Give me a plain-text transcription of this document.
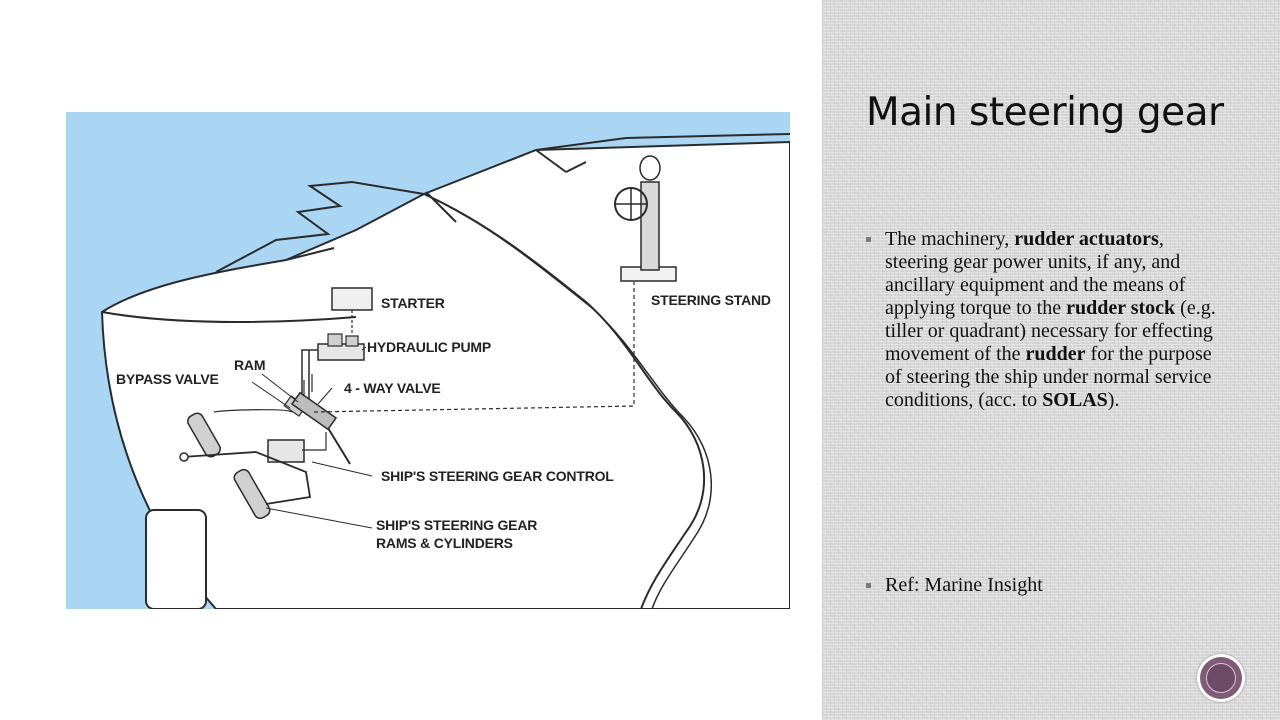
STARTER
HYDRAULIC PUMP
RAM
BYPASS VALVE
4 - WAY VALVE
STEERING STAND
SHIP'S STEERING GEAR CONTROL
SHIP'S STEERING GEAR
RAMS & CYLINDERS
Main steering gear
The machinery, rudder actuators, steering gear power units, if any, and ancillary equipment and the means of applying torque to the rudder stock (e.g. tiller or quadrant) necessary for effecting movement of the rudder for the purpose of steering the ship under normal service conditions, (acc. to SOLAS).
Ref: Marine Insight
